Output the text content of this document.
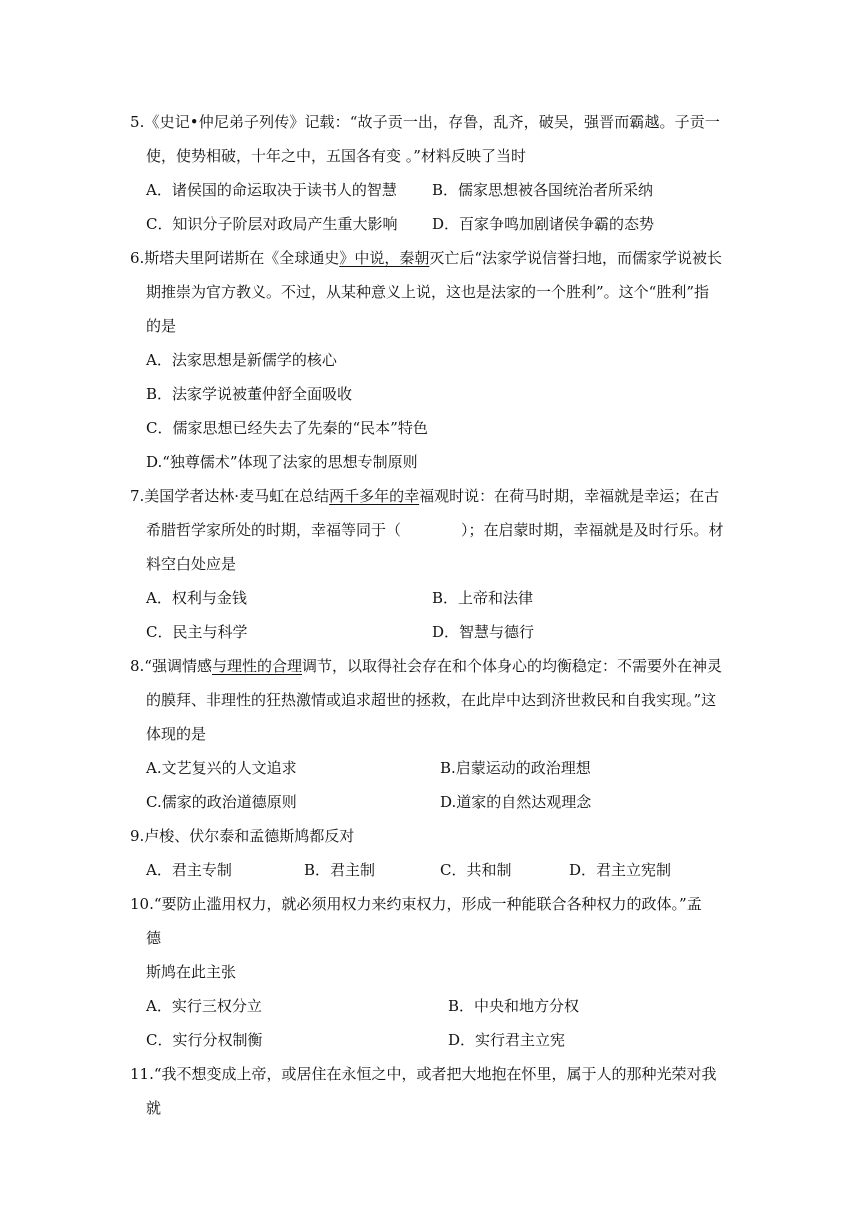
5.《史记•仲尼弟子列传》记载：“故子贡一出，存鲁，乱齐，破吴，强晋而霸越。子贡一
使，使势相破，十年之中，五国各有变 。”材料反映了当时
A．诸侯国的命运取决于读书人的智慧 B．儒家思想被各国统治者所采纳
C．知识分子阶层对政局产生重大影响 D．百家争鸣加剧诸侯争霸的态势
6.斯塔夫里阿诺斯在《全球通史》中说，秦朝灭亡后“法家学说信誉扫地，而儒家学说被长
期推崇为官方教义。不过，从某种意义上说，这也是法家的一个胜利”。这个“胜利”指
的是
A．法家思想是新儒学的核心
B．法家学说被董仲舒全面吸收
C．儒家思想已经失去了先秦的“民本”特色
D.“独尊儒术”体现了法家的思想专制原则
7.美国学者达林·麦马虹在总结两千多年的幸福观时说：在荷马时期，幸福就是幸运；在古
希腊哲学家所处的时期，幸福等同于（　　　　）；在启蒙时期，幸福就是及时行乐。材
料空白处应是
A．权利与金钱	B．上帝和法律
C．民主与科学	D．智慧与德行
8.“强调情感与理性的合理调节，以取得社会存在和个体身心的均衡稳定：不需要外在神灵
的膜拜、非理性的狂热激情或追求超世的拯救，在此岸中达到济世救民和自我实现。”这
体现的是
A.文艺复兴的人文追求	B.启蒙运动的政治理想
C.儒家的政治道德原则	D.道家的自然达观理念
9.卢梭、伏尔泰和孟德斯鸠都反对
A．君主专制	B．君主制	C．共和制	D．君主立宪制
10.“要防止滥用权力，就必须用权力来约束权力，形成一种能联合各种权力的政体。”孟
德
斯鸠在此主张
A．实行三权分立	B．中央和地方分权
C．实行分权制衡	D．实行君主立宪
11.“我不想变成上帝，或居住在永恒之中，或者把大地抱在怀里，属于人的那种光荣对我
就
